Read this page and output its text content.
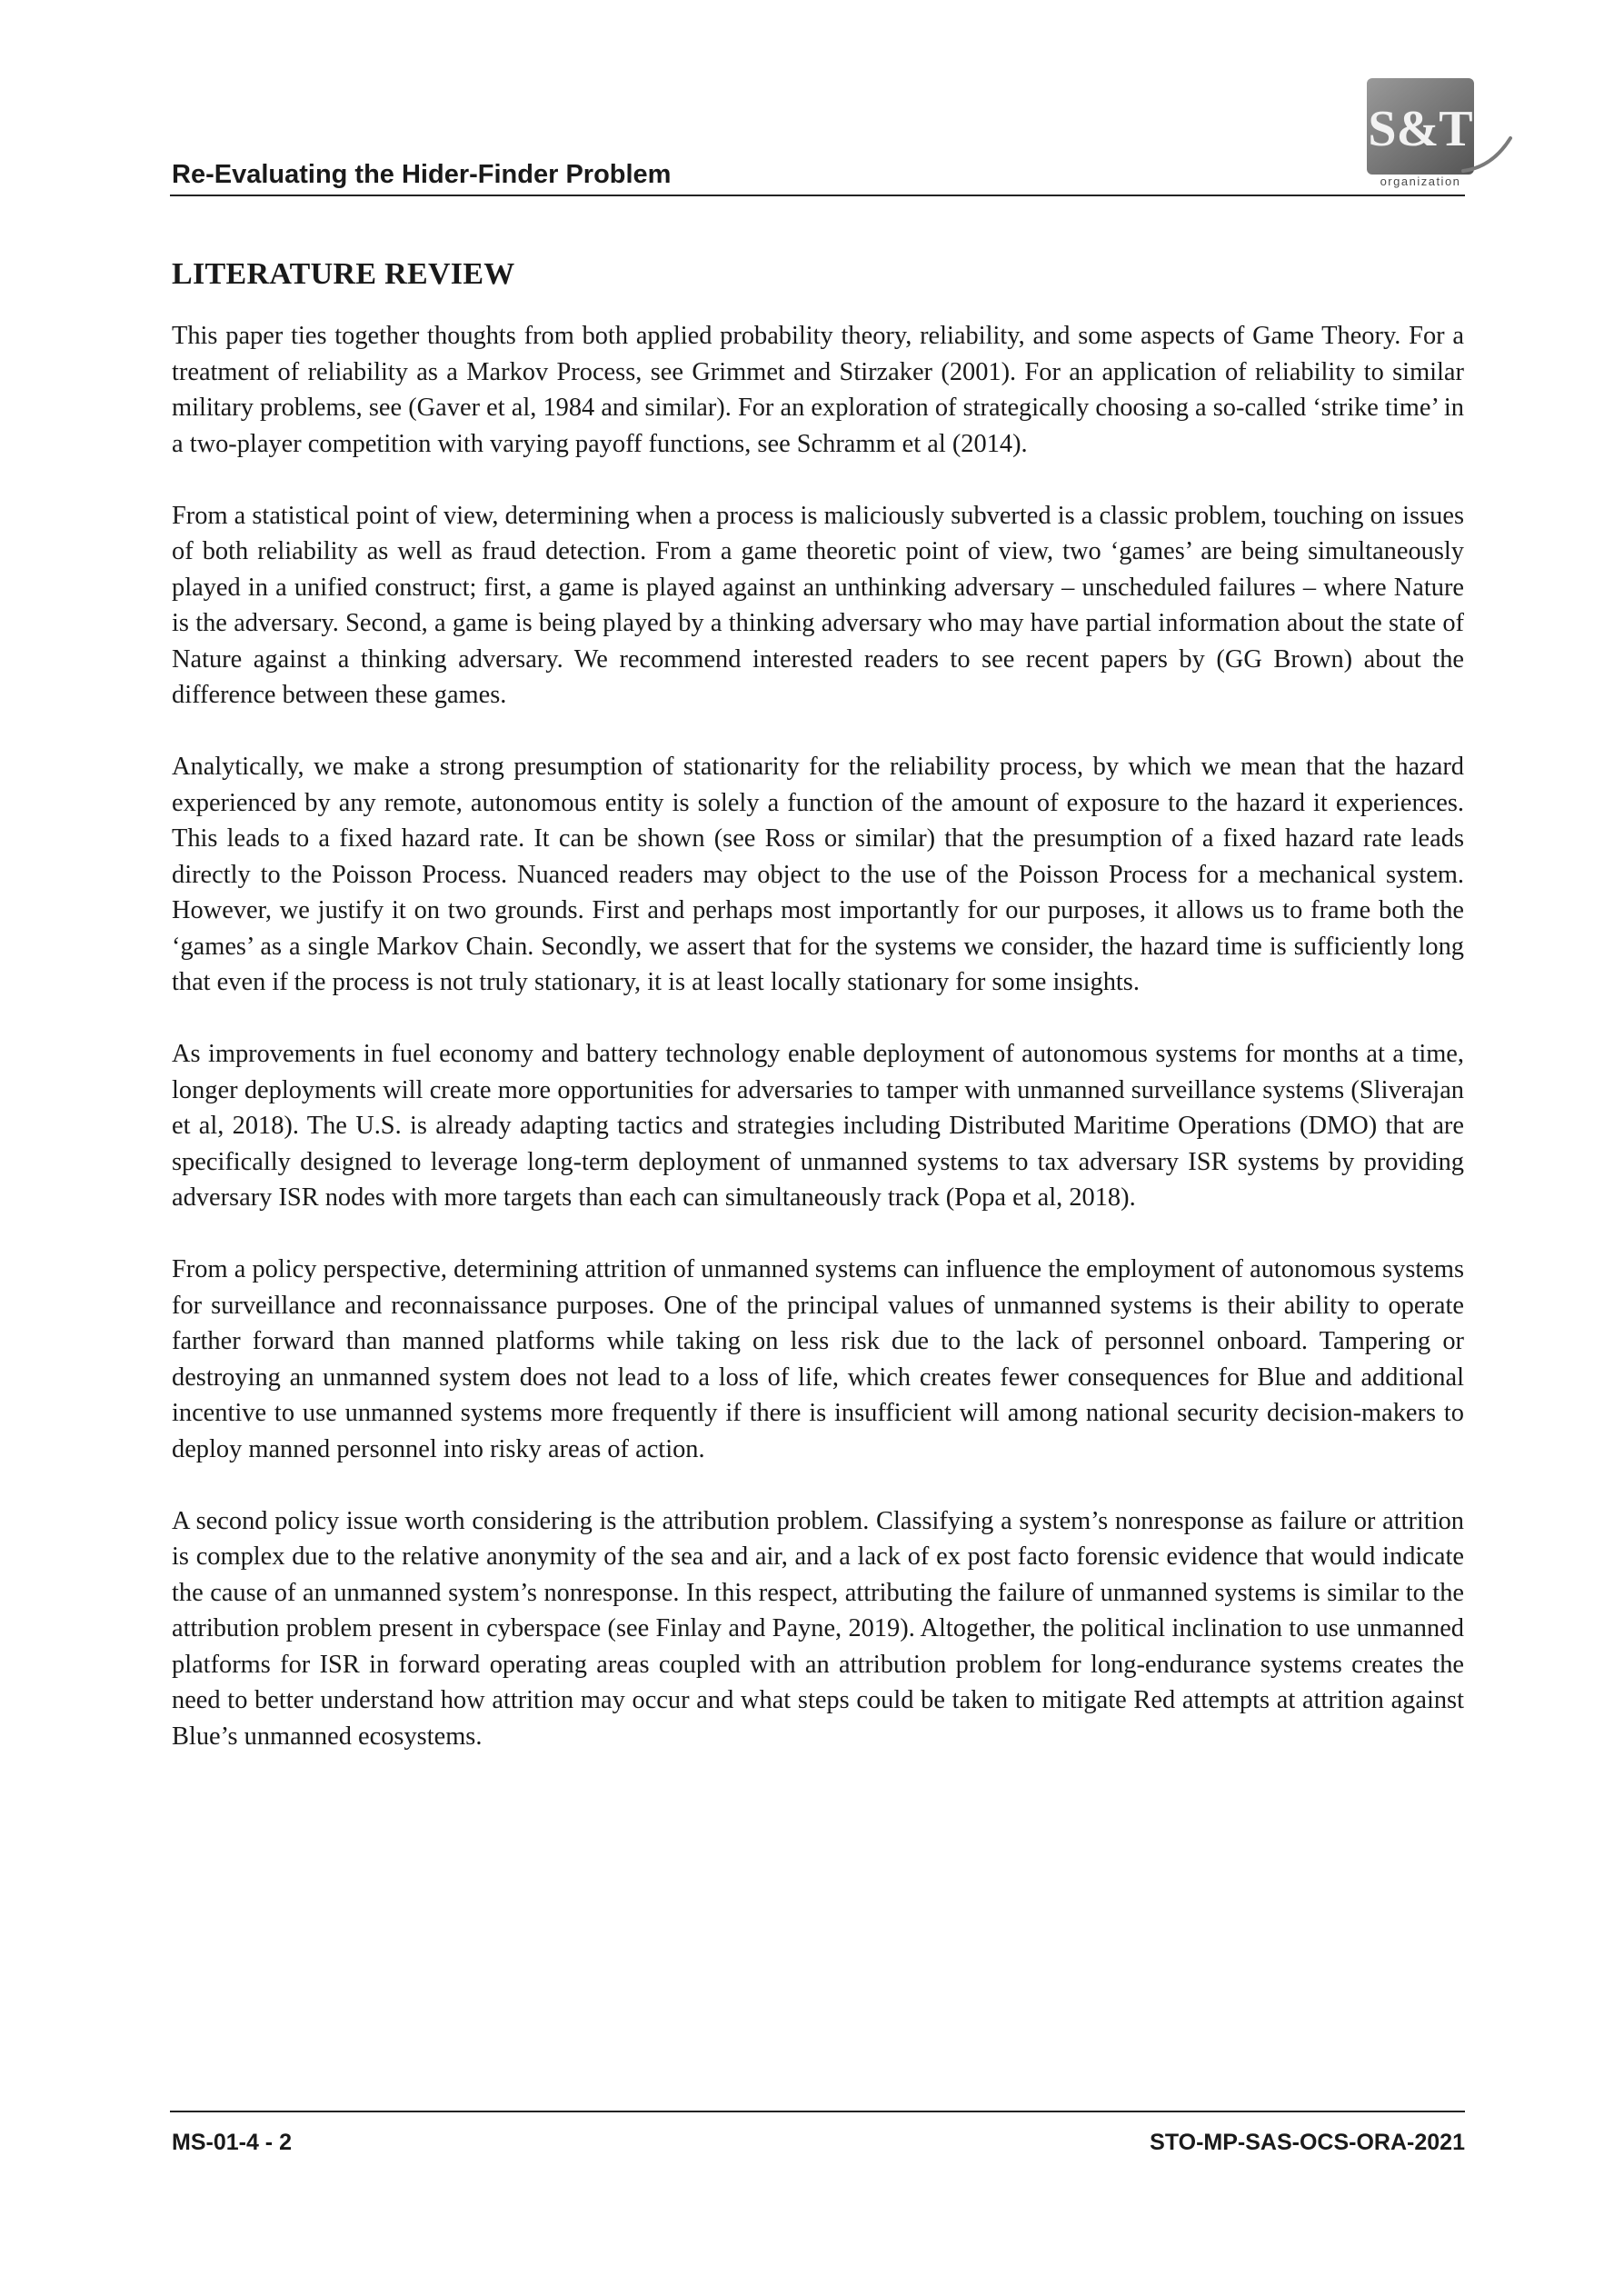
Re-Evaluating the Hider-Finder Problem
S&T
organization
LITERATURE REVIEW

This paper ties together thoughts from both applied probability theory, reliability, and some aspects of Game Theory. For a treatment of reliability as a Markov Process, see Grimmet and Stirzaker (2001). For an application of reliability to similar military problems, see (Gaver et al, 1984 and similar). For an exploration of strategically choosing a so-called ‘strike time’ in a two-player competition with varying payoff functions, see Schramm et al (2014).

From a statistical point of view, determining when a process is maliciously subverted is a classic problem, touching on issues of both reliability as well as fraud detection. From a game theoretic point of view, two ‘games’ are being simultaneously played in a unified construct; first, a game is played against an unthinking adversary – unscheduled failures – where Nature is the adversary. Second, a game is being played by a thinking adversary who may have partial information about the state of Nature against a thinking adversary. We recommend interested readers to see recent papers by (GG Brown) about the difference between these games.

Analytically, we make a strong presumption of stationarity for the reliability process, by which we mean that the hazard experienced by any remote, autonomous entity is solely a function of the amount of exposure to the hazard it experiences. This leads to a fixed hazard rate. It can be shown (see Ross or similar) that the presumption of a fixed hazard rate leads directly to the Poisson Process. Nuanced readers may object to the use of the Poisson Process for a mechanical system. However, we justify it on two grounds. First and perhaps most importantly for our purposes, it allows us to frame both the ‘games’ as a single Markov Chain. Secondly, we assert that for the systems we consider, the hazard time is sufficiently long that even if the process is not truly stationary, it is at least locally stationary for some insights.

As improvements in fuel economy and battery technology enable deployment of autonomous systems for months at a time, longer deployments will create more opportunities for adversaries to tamper with unmanned surveillance systems (Sliverajan et al, 2018). The U.S. is already adapting tactics and strategies including Distributed Maritime Operations (DMO) that are specifically designed to leverage long-term deployment of unmanned systems to tax adversary ISR systems by providing adversary ISR nodes with more targets than each can simultaneously track (Popa et al, 2018).

From a policy perspective, determining attrition of unmanned systems can influence the employment of autonomous systems for surveillance and reconnaissance purposes. One of the principal values of unmanned systems is their ability to operate farther forward than manned platforms while taking on less risk due to the lack of personnel onboard. Tampering or destroying an unmanned system does not lead to a loss of life, which creates fewer consequences for Blue and additional incentive to use unmanned systems more frequently if there is insufficient will among national security decision-makers to deploy manned personnel into risky areas of action.

A second policy issue worth considering is the attribution problem. Classifying a system’s nonresponse as failure or attrition is complex due to the relative anonymity of the sea and air, and a lack of ex post facto forensic evidence that would indicate the cause of an unmanned system’s nonresponse. In this respect, attributing the failure of unmanned systems is similar to the attribution problem present in cyberspace (see Finlay and Payne, 2019). Altogether, the political inclination to use unmanned platforms for ISR in forward operating areas coupled with an attribution problem for long-endurance systems creates the need to better understand how attrition may occur and what steps could be taken to mitigate Red attempts at attrition against Blue’s unmanned ecosystems.

MS-01-4 - 2	STO-MP-SAS-OCS-ORA-2021
